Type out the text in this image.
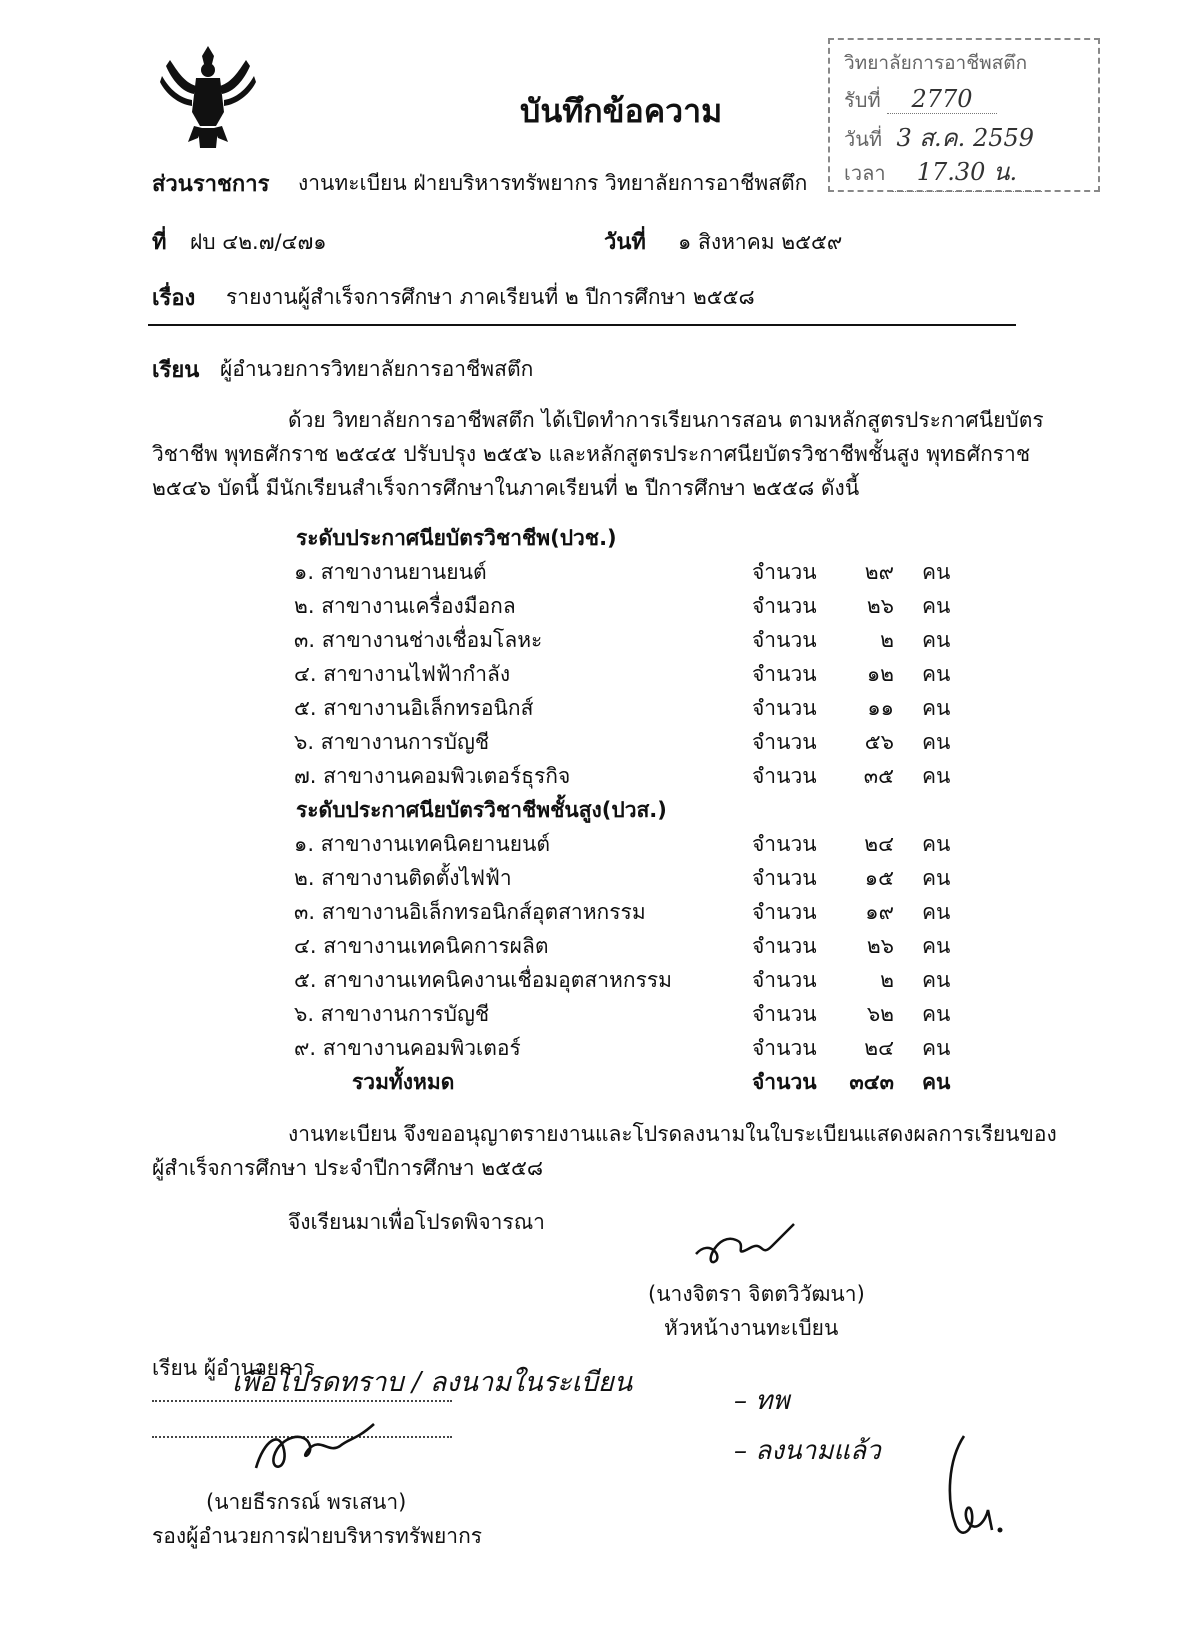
บันทึกข้อความ
วิทยาลัยการอาชีพสตึก
รับที่ 2770
วันที่ 3 ส.ค. 2559
เวลา 17.30 น.
ส่วนราชการ งานทะเบียน ฝ่ายบริหารทรัพยากร วิทยาลัยการอาชีพสตึก
ที่ ฝบ ๔๒.๗/๔๗๑	วันที่ ๑ สิงหาคม ๒๕๕๙
เรื่อง รายงานผู้สำเร็จการศึกษา ภาคเรียนที่ ๒ ปีการศึกษา ๒๕๕๘
เรียน ผู้อำนวยการวิทยาลัยการอาชีพสตึก
ด้วย วิทยาลัยการอาชีพสตึก ได้เปิดทำการเรียนการสอน ตามหลักสูตรประกาศนียบัตร
วิชาชีพ พุทธศักราช ๒๕๔๕ ปรับปรุง ๒๕๕๖ และหลักสูตรประกาศนียบัตรวิชาชีพชั้นสูง พุทธศักราช
๒๕๔๖ บัดนี้ มีนักเรียนสำเร็จการศึกษาในภาคเรียนที่ ๒ ปีการศึกษา ๒๕๕๘ ดังนี้
ระดับประกาศนียบัตรวิชาชีพ(ปวช.)
๑. สาขางานยานยนต์	จำนวน	๒๙ คน
๒. สาขางานเครื่องมือกล	จำนวน	๒๖ คน
๓. สาขางานช่างเชื่อมโลหะ	จำนวน	๒ คน
๔. สาขางานไฟฟ้ากำลัง	จำนวน	๑๒ คน
๕. สาขางานอิเล็กทรอนิกส์	จำนวน	๑๑ คน
๖. สาขางานการบัญชี	จำนวน	๕๖ คน
๗. สาขางานคอมพิวเตอร์ธุรกิจ	จำนวน	๓๕ คน
ระดับประกาศนียบัตรวิชาชีพชั้นสูง(ปวส.)
๑. สาขางานเทคนิคยานยนต์	จำนวน	๒๔ คน
๒. สาขางานติดตั้งไฟฟ้า	จำนวน	๑๕ คน
๓. สาขางานอิเล็กทรอนิกส์อุตสาหกรรม	จำนวน	๑๙ คน
๔. สาขางานเทคนิคการผลิต	จำนวน	๒๖ คน
๕. สาขางานเทคนิคงานเชื่อมอุตสาหกรรม	จำนวน	๒ คน
๖. สาขางานการบัญชี	จำนวน	๖๒ คน
๙. สาขางานคอมพิวเตอร์	จำนวน	๒๔ คน
รวมทั้งหมด	จำนวน ๓๔๓ คน
งานทะเบียน จึงขออนุญาตรายงานและโปรดลงนามในใบระเบียนแสดงผลการเรียนของ
ผู้สำเร็จการศึกษา ประจำปีการศึกษา ๒๕๕๘
จึงเรียนมาเพื่อโปรดพิจารณา
(นางจิตรา จิตตวิวัฒนา)
หัวหน้างานทะเบียน
เรียน ผู้อำนวยการ
เพื่อโปรดทราบ / ลงนามในระเบียน
(นายธีรกรณ์ พรเสนา)
รองผู้อำนวยการฝ่ายบริหารทรัพยากร
– ทพ
– ลงนามแล้ว
